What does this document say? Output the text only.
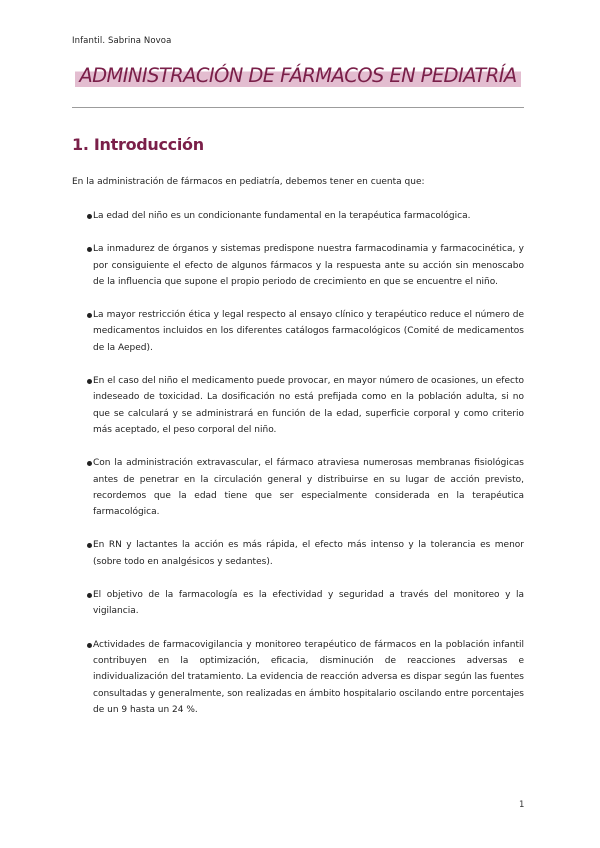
Infantil. Sabrina Novoa
ADMINISTRACIÓN DE FÁRMACOS EN PEDIATRÍA
1. Introducción
En la administración de fármacos en pediatría, debemos tener en cuenta que:
La edad del niño es un condicionante fundamental en la terapéutica farmacológica.
La inmadurez de órganos y sistemas predispone nuestra farmacodinamia y farmacocinética, y por consiguiente el efecto de algunos fármacos y la respuesta ante su acción sin menoscabo de la influencia que supone el propio periodo de crecimiento en que se encuentre el niño.
La mayor restricción ética y legal respecto al ensayo clínico y terapéutico reduce el número de medicamentos incluidos en los diferentes catálogos farmacológicos (Comité de medicamentos de la Aeped).
En el caso del niño el medicamento puede provocar, en mayor número de ocasiones, un efecto indeseado de toxicidad. La dosificación no está prefijada como en la población adulta, si no que se calculará y se administrará en función de la edad, superficie corporal y como criterio más aceptado, el peso corporal del niño.
Con la administración extravascular, el fármaco atraviesa numerosas membranas fisiológicas antes de penetrar en la circulación general y distribuirse en su lugar de acción previsto, recordemos que la edad tiene que ser especialmente considerada en la terapéutica farmacológica.
En RN y lactantes la acción es más rápida, el efecto más intenso y la tolerancia es menor (sobre todo en analgésicos y sedantes).
El objetivo de la farmacología es la efectividad y seguridad a través del monitoreo y la vigilancia.
Actividades de farmacovigilancia y monitoreo terapéutico de fármacos en la población infantil contribuyen en la optimización, eficacia, disminución de reacciones adversas e individualización del tratamiento. La evidencia de reacción adversa es dispar según las fuentes consultadas y generalmente, son realizadas en ámbito hospitalario oscilando entre porcentajes de un 9 hasta un 24 %.
1
